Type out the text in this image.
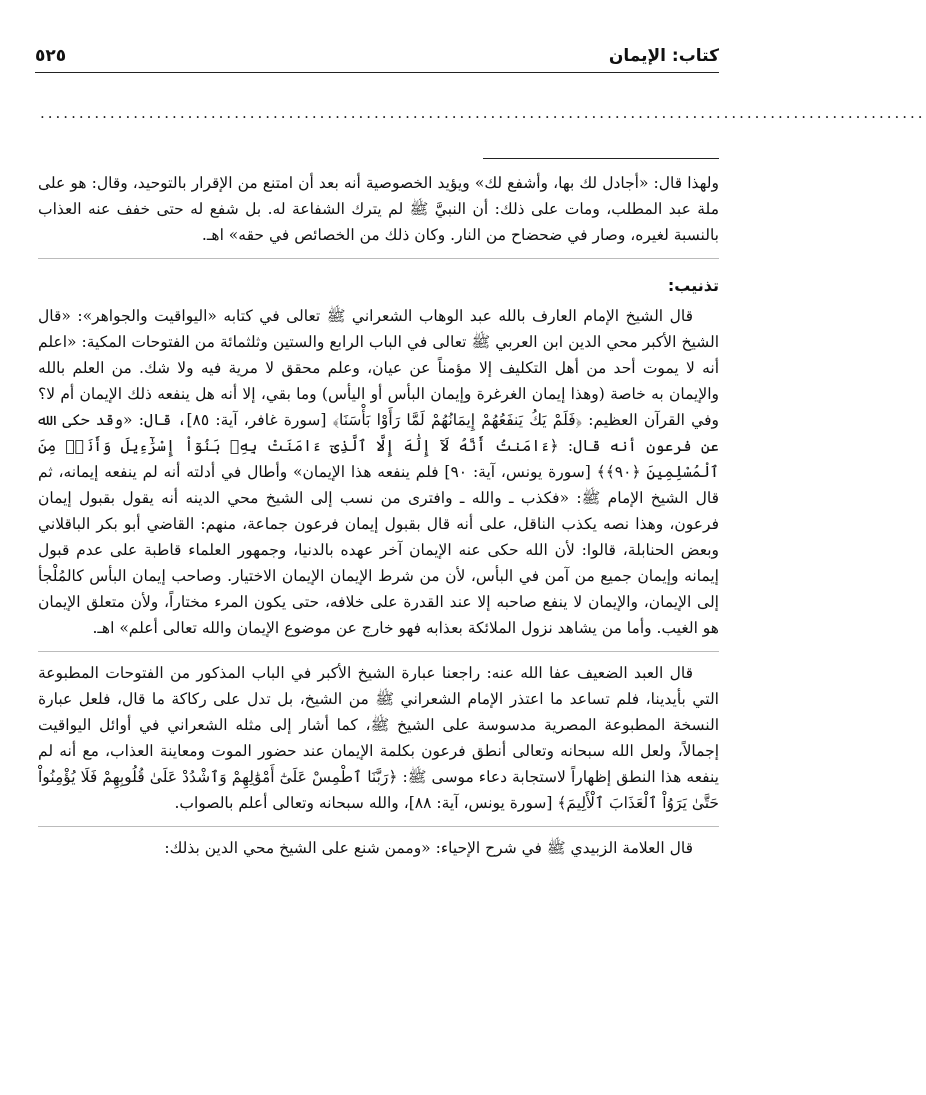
كتاب: الإيمان
٥٢٥
..................................................................................................................

ولهذا قال: «أجادل لك بها، وأشفع لك» ويؤيد الخصوصية أنه بعد أن امتنع من الإقرار بالتوحيد، وقال: هو على ملة عبد المطلب، ومات على ذلك: أن النبيَّ ﷺ لم يترك الشفاعة له. بل شفع له حتى خفف عنه العذاب بالنسبة لغيره، وصار في ضحضاح من النار. وكان ذلك من الخصائص في حقه» اهـ.

تذنيب:

قال الشيخ الإمام العارف بالله عبد الوهاب الشعراني ﷺ تعالى في كتابه «اليواقيت والجواهر»: «قال الشيخ الأكبر محي الدين ابن العربي ﷺ تعالى في الباب الرابع والستين وثلثمائة من الفتوحات المكية: «اعلم أنه لا يموت أحد من أهل التكليف إلا مؤمناً عن عيان، وعلم محقق لا مرية فيه ولا شك. من العلم بالله والإيمان به خاصة (وهذا إيمان الغرغرة وإيمان البأس أو اليأس) وما بقي، إلا أنه هل ينفعه ذلك الإيمان أم لا؟ وفي القرآن العظيم: ﴿فَلَمْ يَكُ يَنفَعُهُمْ إِيمَانُهُمْ لَمَّا رَأَوْا بَأْسَنَا﴾ [سورة غافر، آية: ٨٥]، قال: «وقد حكى الله عن فرعون أنه قال: ﴿ءَامَنتُ أَنَّهُ لَآ إِلَٰهَ إِلَّا ٱلَّذِىٓ ءَامَنَتْ بِهِۦ بَنُوٓاْ إِسْرَٰٓءِيلَ وَأَنَا۠ مِنَ ٱلْمُسْلِمِينَ ﴿٩٠﴾﴾ [سورة يونس، آية: ٩٠] فلم ينفعه هذا الإيمان» وأطال في أدلته أنه لم ينفعه إيمانه، ثم قال الشيخ الإمام ﷺ: «فكذب ـ والله ـ وافترى من نسب إلى الشيخ محي الدينه أنه يقول بقبول إيمان فرعون، وهذا نصه يكذب الناقل، على أنه قال بقبول إيمان فرعون جماعة، منهم: القاضي أبو بكر الباقلاني وبعض الحنابلة، قالوا: لأن الله حكى عنه الإيمان آخر عهده بالدنيا، وجمهور العلماء قاطبة على عدم قبول إيمانه وإيمان جميع من آمن في البأس، لأن من شرط الإيمان الإيمان الاختيار. وصاحب إيمان البأس كالمُلْجأ إلى الإيمان، والإيمان لا ينفع صاحبه إلا عند القدرة على خلافه، حتى يكون المرء مختاراً، ولأن متعلق الإيمان هو الغيب. وأما من يشاهد نزول الملائكة بعذابه فهو خارج عن موضوع الإيمان والله تعالى أعلم» اهـ.

قال العبد الضعيف عفا الله عنه: راجعنا عبارة الشيخ الأكبر في الباب المذكور من الفتوحات المطبوعة التي بأيدينا، فلم تساعد ما اعتذر الإمام الشعراني ﷺ من الشيخ، بل تدل على ركاكة ما قال، فلعل عبارة النسخة المطبوعة المصرية مدسوسة على الشيخ ﷺ، كما أشار إلى مثله الشعراني في أوائل اليواقيت إجمالاً، ولعل الله سبحانه وتعالى أنطق فرعون بكلمة الإيمان عند حضور الموت ومعاينة العذاب، مع أنه لم ينفعه هذا النطق إظهاراً لاستجابة دعاء موسى ﷺ: ﴿رَبَّنَا ٱطْمِسْ عَلَىٰٓ أَمْوَٰلِهِمْ وَٱشْدُدْ عَلَىٰ قُلُوبِهِمْ فَلَا يُؤْمِنُواْ حَتَّىٰ يَرَوُاْ ٱلْعَذَابَ ٱلْأَلِيمَ﴾ [سورة يونس، آية: ٨٨]، والله سبحانه وتعالى أعلم بالصواب.

قال العلامة الزبيدي ﷺ في شرح الإحياء: «وممن شنع على الشيخ محي الدين بذلك:
